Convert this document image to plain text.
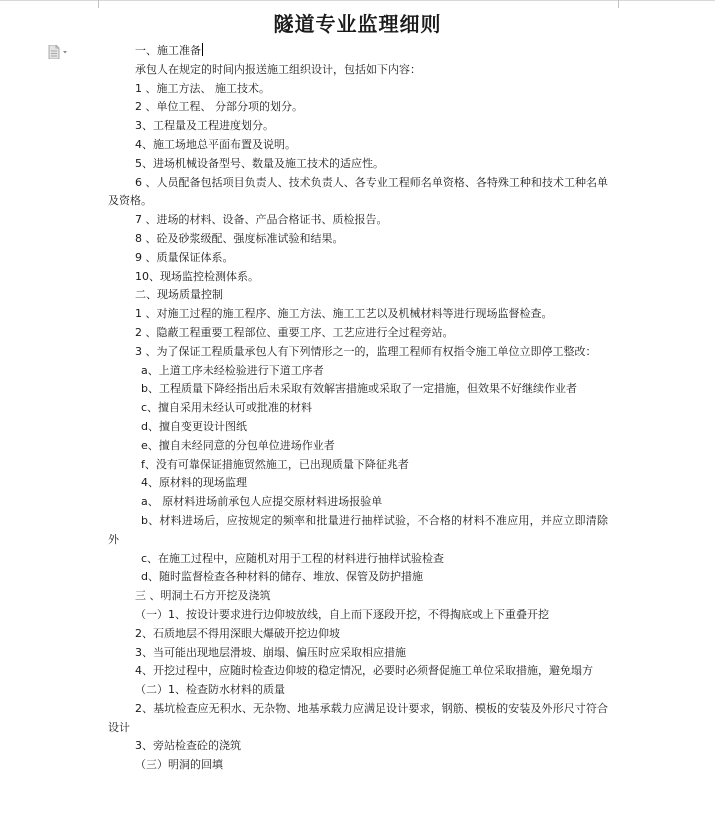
隧道专业监理细则
一、施工准备
承包人在规定的时间内报送施工组织设计，包括如下内容：
1 、施工方法、 施工技术。
2 、单位工程、 分部分项的划分。
3、工程量及工程进度划分。
4、施工场地总平面布置及说明。
5、进场机械设备型号、数量及施工技术的适应性。
6 、人员配备包括项目负责人、技术负责人、各专业工程师名单资格、各特殊工种和技术工种名单及资格。
7 、进场的材料、设备、产品合格证书、质检报告。
8 、砼及砂浆级配、强度标准试验和结果。
9 、质量保证体系。
10、现场监控检测体系。
二、现场质量控制
1 、对施工过程的施工程序、施工方法、施工工艺以及机械材料等进行现场监督检查。
2 、隐蔽工程重要工程部位、重要工序、工艺应进行全过程旁站。
3 、为了保证工程质量承包人有下列情形之一的，监理工程师有权指令施工单位立即停工整改：
a、上道工序未经检验进行下道工序者
b、工程质量下降经指出后未采取有效解害措施或采取了一定措施，但效果不好继续作业者
c、擅自采用未经认可或批准的材料
d、擅自变更设计图纸
e、擅自未经同意的分包单位进场作业者
f、没有可靠保证措施贸然施工，已出现质量下降征兆者
4、原材料的现场监理
a、 原材料进场前承包人应提交原材料进场报验单
b、材料进场后，应按规定的频率和批量进行抽样试验，不合格的材料不准应用，并应立即清除外
c、在施工过程中，应随机对用于工程的材料进行抽样试验检查
d、随时监督检查各种材料的储存、堆放、保管及防护措施
三 、明洞土石方开挖及浇筑
（一）1、按设计要求进行边仰坡放线，自上而下逐段开挖，不得掏底或上下重叠开挖
2、石质地层不得用深眼大爆破开挖边仰坡
3、当可能出现地层滑坡、崩塌、偏压时应采取相应措施
4、开挖过程中，应随时检查边仰坡的稳定情况，必要时必须督促施工单位采取措施，避免塌方
（二）1、检查防水材料的质量
2、基坑检查应无积水、无杂物、地基承载力应满足设计要求，钢筋、模板的安装及外形尺寸符合设计
3、旁站检查砼的浇筑
（三）明洞的回填
